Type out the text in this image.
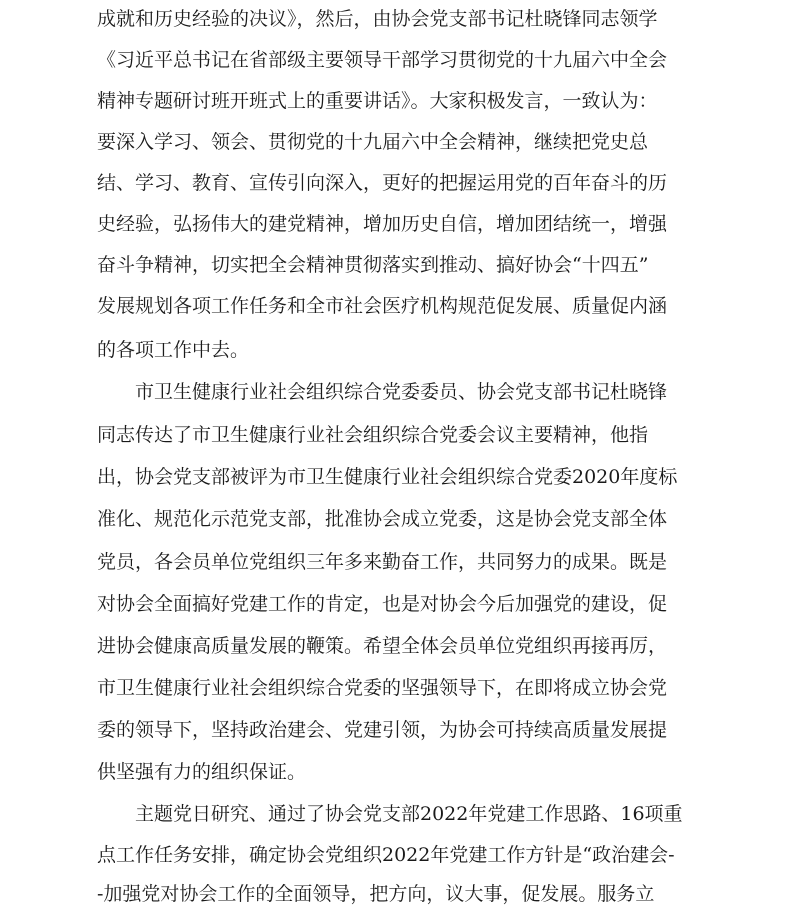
成就和历史经验的决议》，然后，由协会党支部书记杜晓锋同志领学

《习近平总书记在省部级主要领导干部学习贯彻党的十九届六中全会

精神专题研讨班开班式上的重要讲话》。大家积极发言，一致认为：

要深入学习、领会、贯彻党的十九届六中全会精神，继续把党史总

结、学习、教育、宣传引向深入，更好的把握运用党的百年奋斗的历

史经验，弘扬伟大的建党精神，增加历史自信，增加团结统一，增强

奋斗争精神，切实把全会精神贯彻落实到推动、搞好协会“十四五”

发展规划各项工作任务和全市社会医疗机构规范促发展、质量促内涵

的各项工作中去。

市卫生健康行业社会组织综合党委委员、协会党支部书记杜晓锋

同志传达了市卫生健康行业社会组织综合党委会议主要精神，他指

出，协会党支部被评为市卫生健康行业社会组织综合党委2020年度标

准化、规范化示范党支部，批准协会成立党委，这是协会党支部全体

党员，各会员单位党组织三年多来勤奋工作，共同努力的成果。既是

对协会全面搞好党建工作的肯定，也是对协会今后加强党的建设，促

进协会健康高质量发展的鞭策。希望全体会员单位党组织再接再厉，

市卫生健康行业社会组织综合党委的坚强领导下，在即将成立协会党

委的领导下，坚持政治建会、党建引领，为协会可持续高质量发展提

供坚强有力的组织保证。

主题党日研究、通过了协会党支部2022年党建工作思路、16项重

点工作任务安排，确定协会党组织2022年党建工作方针是“政治建会-

-加强党对协会工作的全面领导，把方向，议大事，促发展。服务立
